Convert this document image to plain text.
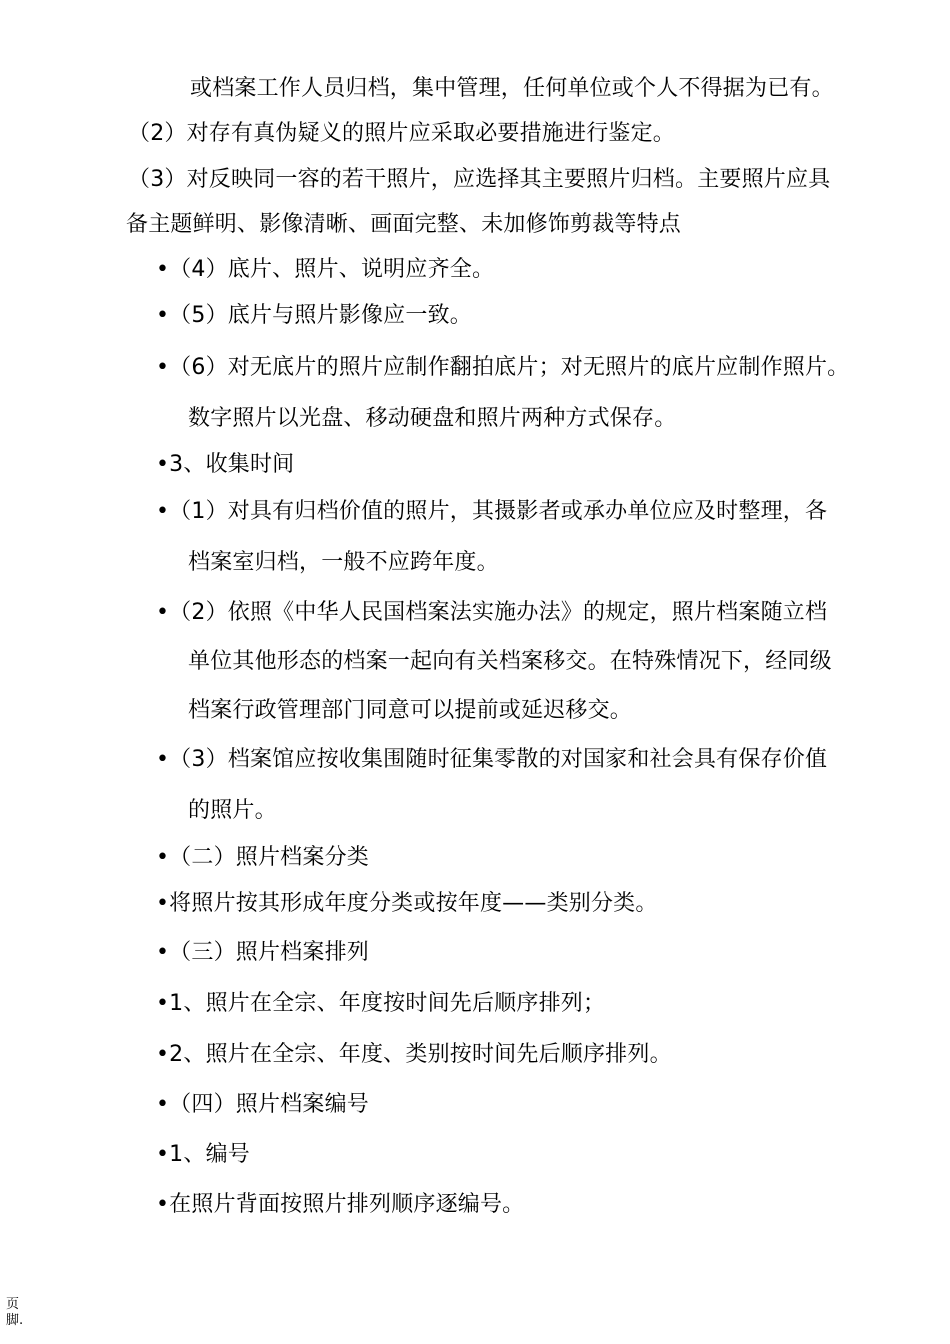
或档案工作人员归档，集中管理，任何单位或个人不得据为已有。
（2）对存有真伪疑义的照片应采取必要措施进行鉴定。
（3）对反映同一容的若干照片，应选择其主要照片归档。主要照片应具
备主题鲜明、影像清晰、画面完整、未加修饰剪裁等特点
•（4）底片、照片、说明应齐全。
•（5）底片与照片影像应一致。
•（6）对无底片的照片应制作翻拍底片；对无照片的底片应制作照片。
数字照片以光盘、移动硬盘和照片两种方式保存。
•3、收集时间
•（1）对具有归档价值的照片，其摄影者或承办单位应及时整理，各
档案室归档，一般不应跨年度。
•（2）依照《中华人民国档案法实施办法》的规定，照片档案随立档
单位其他形态的档案一起向有关档案移交。在特殊情况下，经同级
档案行政管理部门同意可以提前或延迟移交。
•（3）档案馆应按收集围随时征集零散的对国家和社会具有保存价值
的照片。
•（二）照片档案分类
•将照片按其形成年度分类或按年度——类别分类。
•（三）照片档案排列
•1、照片在全宗、年度按时间先后顺序排列；
•2、照片在全宗、年度、类别按时间先后顺序排列。
•（四）照片档案编号
•1、编号
•在照片背面按照片排列顺序逐编号。
页
脚.
